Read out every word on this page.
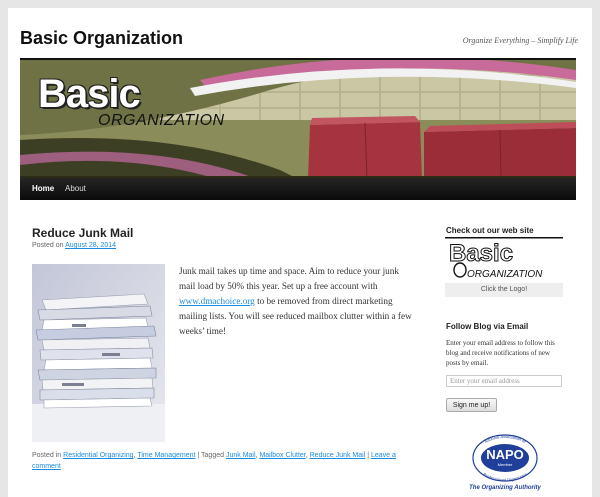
Basic Organization	Organize Everything – Simplify Life
Basic
ORGANIZATION
Home About
Reduce Junk Mail
Posted on August 28, 2014
Junk mail takes up time and space. Aim to reduce your junk mail load by 50% this year. Set up a free account with www.dmachoice.org to be removed from direct marketing mailing lists. You will see reduced mailbox clutter within a few weeks’ time!
Posted in Residential Organizing, Time Management | Tagged Junk Mail, Mailbox Clutter, Reduce Junk Mail | Leave a comment
Check out our web site
Basic
ORGANIZATION
Click the Logo!
Follow Blog via Email
Enter your email address to follow this blog and receive notifications of new posts by email.
Enter your email address
Sign me up!
National Association of
Professional Organizers
NAPO
Member
The Organizing Authority
